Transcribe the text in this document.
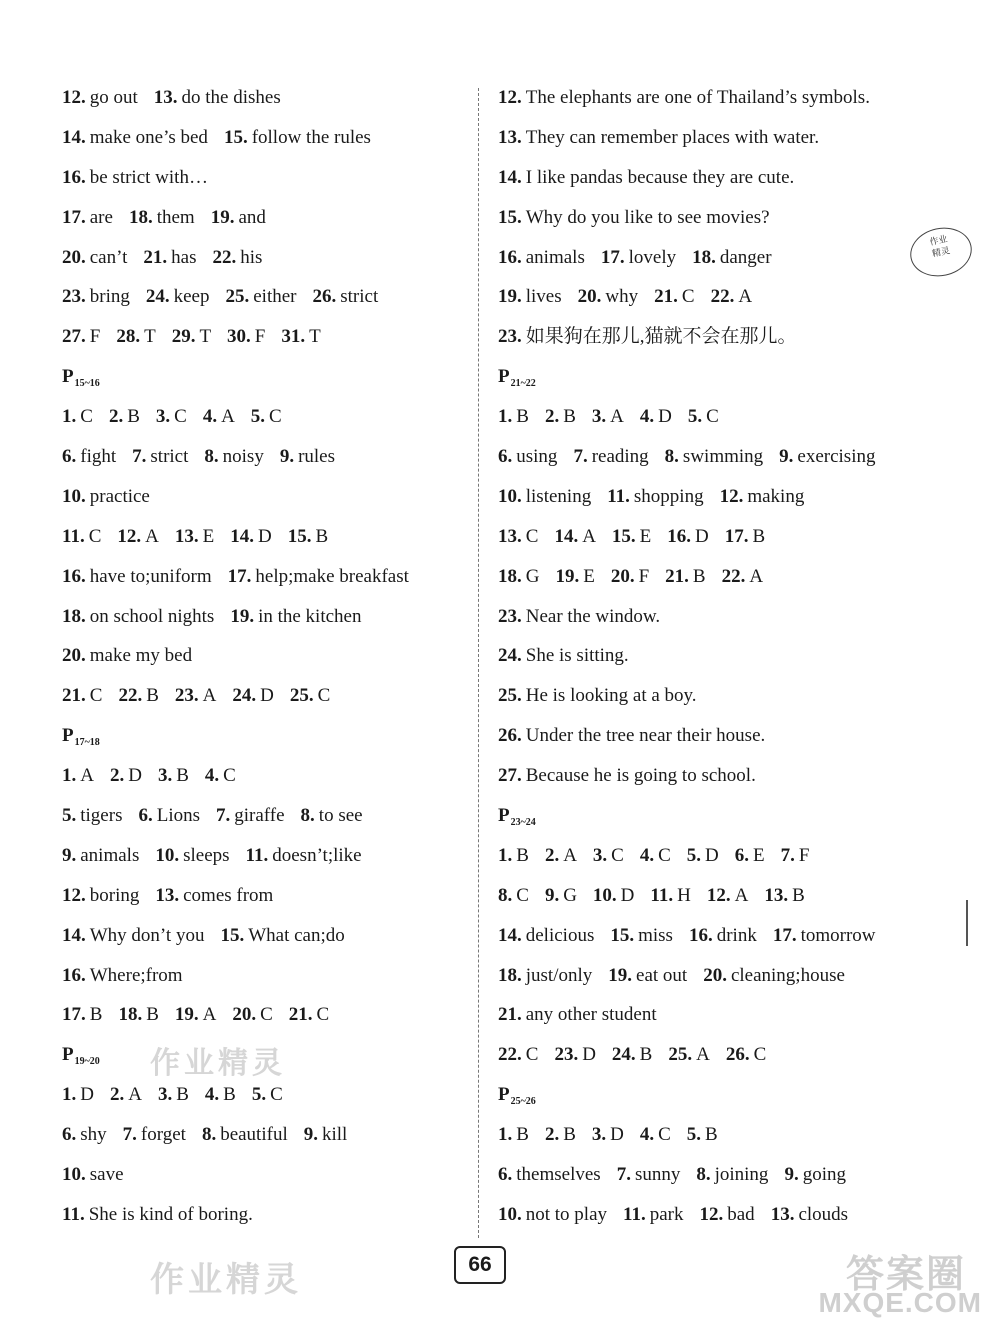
12. go out 13. do the dishes
14. make one’s bed 15. follow the rules
16. be strict with…
17. are 18. them 19. and
20. can’t 21. has 22. his
23. bring 24. keep 25. either 26. strict
27. F 28. T 29. T 30. F 31. T
$P_{15\sim 16}$
1. C 2. B 3. C 4. A 5. C
6. fight 7. strict 8. noisy 9. rules
10. practice
11. C 12. A 13. E 14. D 15. B
16. have to;uniform 17. help;make breakfast
18. on school nights 19. in the kitchen
20. make my bed
21. C 22. B 23. A 24. D 25. C
$P_{17\sim 18}$
1. A 2. D 3. B 4. C
5. tigers 6. Lions 7. giraffe 8. to see
9. animals 10. sleeps 11. doesn’t;like
12. boring 13. comes from
14. Why don’t you 15. What can;do
16. Where;from
17. B 18. B 19. A 20. C 21. C
$P_{19\sim 20}$
1. D 2. A 3. B 4. B 5. C
6. shy 7. forget 8. beautiful 9. kill
10. save
11. She is kind of boring.
12. The elephants are one of Thailand’s symbols.
13. They can remember places with water.
14. I like pandas because they are cute.
15. Why do you like to see movies?
16. animals 17. lovely 18. danger
19. lives 20. why 21. C 22. A
23. 如果狗在那儿,猫就不会在那儿。
$P_{21\sim 22}$
1. B 2. B 3. A 4. D 5. C
6. using 7. reading 8. swimming 9. exercising
10. listening 11. shopping 12. making
13. C 14. A 15. E 16. D 17. B
18. G 19. E 20. F 21. B 22. A
23. Near the window.
24. She is sitting.
25. He is looking at a boy.
26. Under the tree near their house.
27. Because he is going to school.
$P_{23\sim 24}$
1. B 2. A 3. C 4. C 5. D 6. E 7. F
8. C 9. G 10. D 11. H 12. A 13. B
14. delicious 15. miss 16. drink 17. tomorrow
18. just/only 19. eat out 20. cleaning;house
21. any other student
22. C 23. D 24. B 25. A 26. C
$P_{25\sim 26}$
1. B 2. B 3. D 4. C 5. B
6. themselves 7. sunny 8. joining 9. going
10. not to play 11. park 12. bad 13. clouds
作业精灵
作业精灵
作业
精灵
66	答案圈
MXQE.COM
